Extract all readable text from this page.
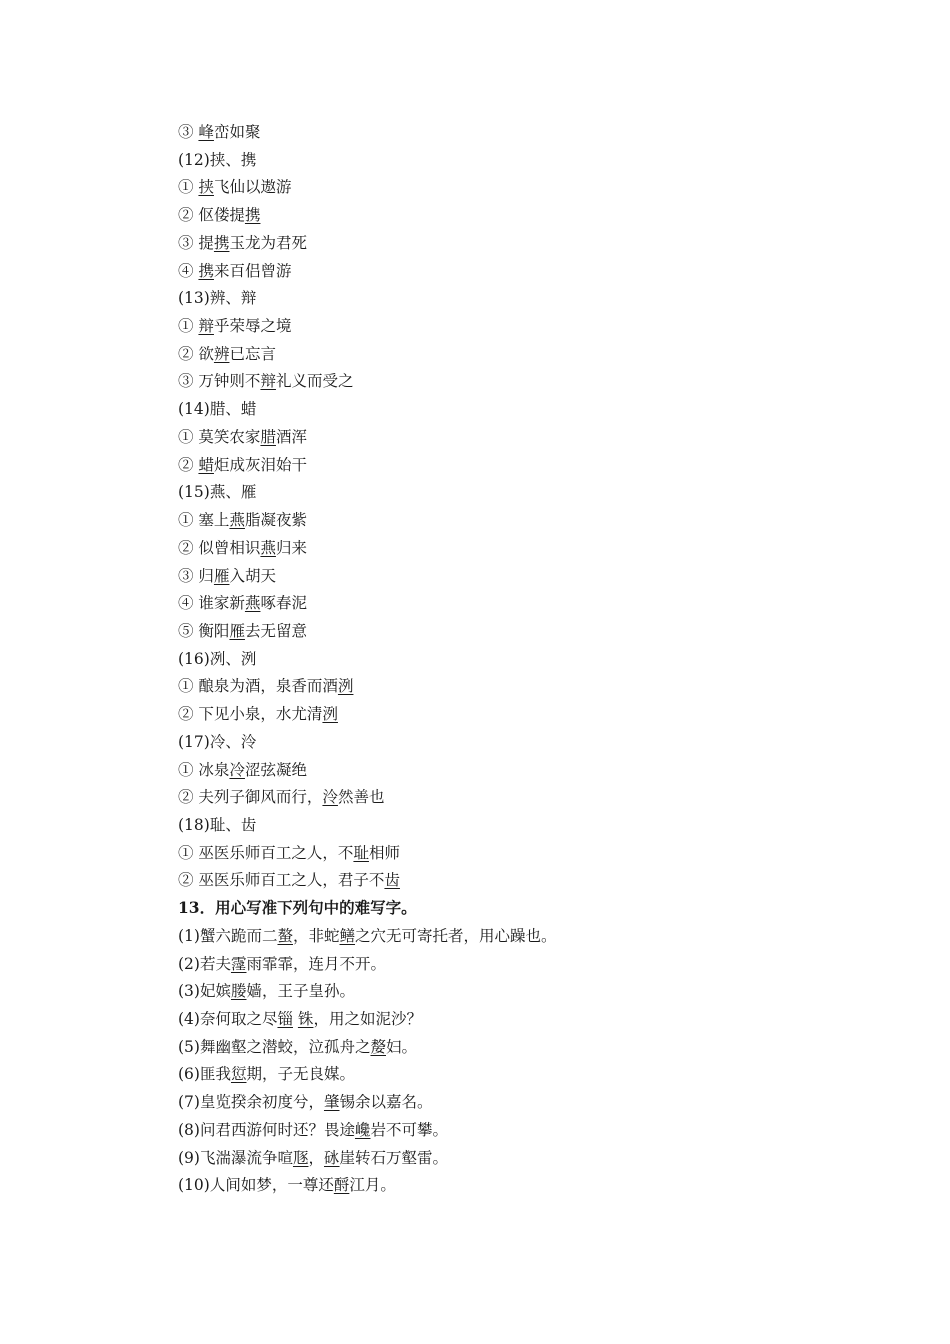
③ 峰峦如聚
(12)挟、携
① 挟飞仙以遨游
② 伛偻提携
③ 提携玉龙为君死
④ 携来百侣曾游
(13)辨、辩
① 辩乎荣辱之境
② 欲辨已忘言
③ 万钟则不辩礼义而受之
(14)腊、蜡
① 莫笑农家腊酒浑
② 蜡炬成灰泪始干
(15)燕、雁
① 塞上燕脂凝夜紫
② 似曾相识燕归来
③ 归雁入胡天
④ 谁家新燕啄春泥
⑤ 衡阳雁去无留意
(16)冽、洌
① 酿泉为酒，泉香而酒洌
② 下见小泉，水尤清洌
(17)冷、泠
① 冰泉冷涩弦凝绝
② 夫列子御风而行，泠然善也
(18)耻、齿
① 巫医乐师百工之人，不耻相师
② 巫医乐师百工之人，君子不齿
13．用心写准下列句中的难写字。
(1)蟹六跪而二螯，非蛇鳝之穴无可寄托者，用心躁也。
(2)若夫霪雨霏霏，连月不开。
(3)妃嫔媵嫱，王子皇孙。
(4)奈何取之尽锱 铢，用之如泥沙？
(5)舞幽壑之潜蛟，泣孤舟之嫠妇。
(6)匪我愆期，子无良媒。
(7)皇览揆余初度兮，肇锡余以嘉名。
(8)问君西游何时还？畏途巉岩不可攀。
(9)飞湍瀑流争喧豗，砯崖转石万壑雷。
(10)人间如梦，一尊还酹江月。
